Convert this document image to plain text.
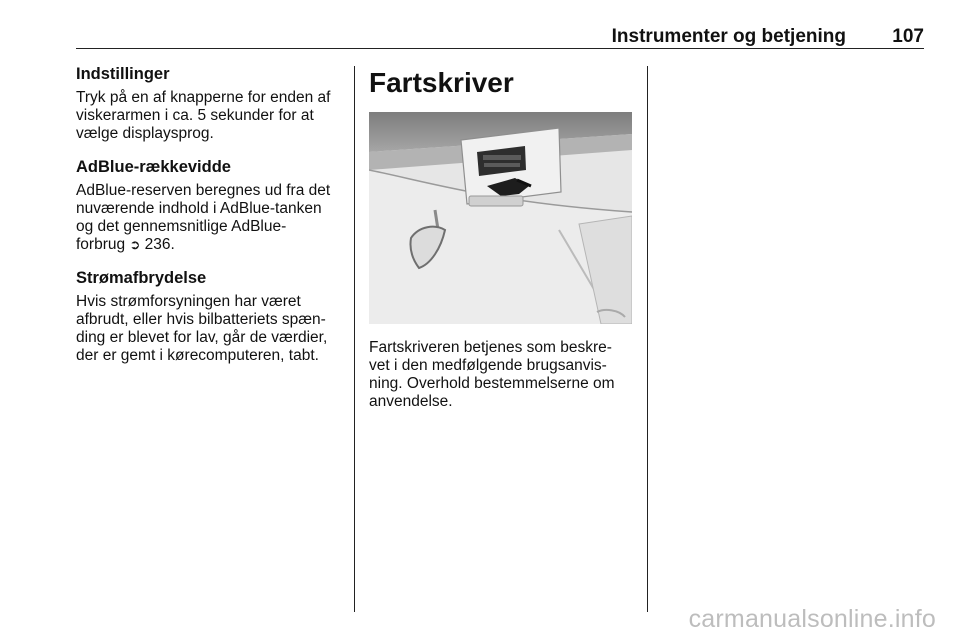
Instrumenter og betjening 107
Indstillinger

Tryk på en af knapperne for enden af viskerarmen i ca. 5 sekunder for at vælge displaysprog.

AdBlue-rækkevidde

AdBlue-reserven beregnes ud fra det
nuværende indhold i AdBlue-tanken
og det gennemsnitlige AdBlue-
forbrug ➲ 236.

Strømafbrydelse

Hvis strømforsyningen har været afbrudt, eller hvis bilbatteriets spæn- ding er blevet for lav, går de værdier, der er gemt i kørecomputeren, tabt.

Fartskriver

Fartskriveren betjenes som beskre- vet i den medfølgende brugsanvis- ning. Overhold bestemmelserne om anvendelse.

carmanualsonline.info
